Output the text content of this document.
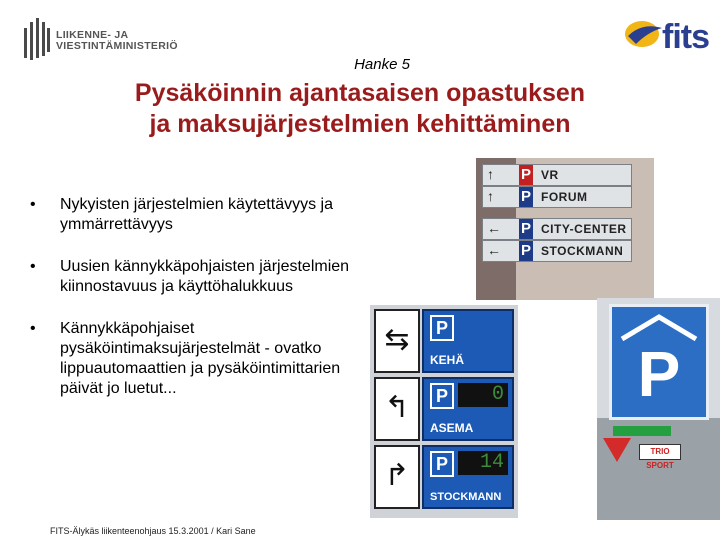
LIIKENNE- JA
VIESTINTÄMINISTERIÖ	fits
Hanke 5
Pysäköinnin ajantasaisen opastuksen
ja maksujärjestelmien kehittäminen
• Nykyisten järjestelmien käytettävyys ja ymmärrettävyys
• Uusien kännykkäpohjaisten järjestelmien kiinnostavuus ja käyttöhalukkuus
• Kännykkäpohjaiset pysäköintimaksujärjestelmät - ovatko lippuautomaattien ja pysäköintimittarien päivät jo luetut...
↑ P VR
↑ P FORUM
← P CITY-CENTER
← P STOCKMANN
⇆	P
KEHÄ
↰	P	0
ASEMA
↱	P	14
STOCKMANN
P
TRIO SPORT
FITS-Älykäs liikenteenohjaus 15.3.2001 / Kari Sane
